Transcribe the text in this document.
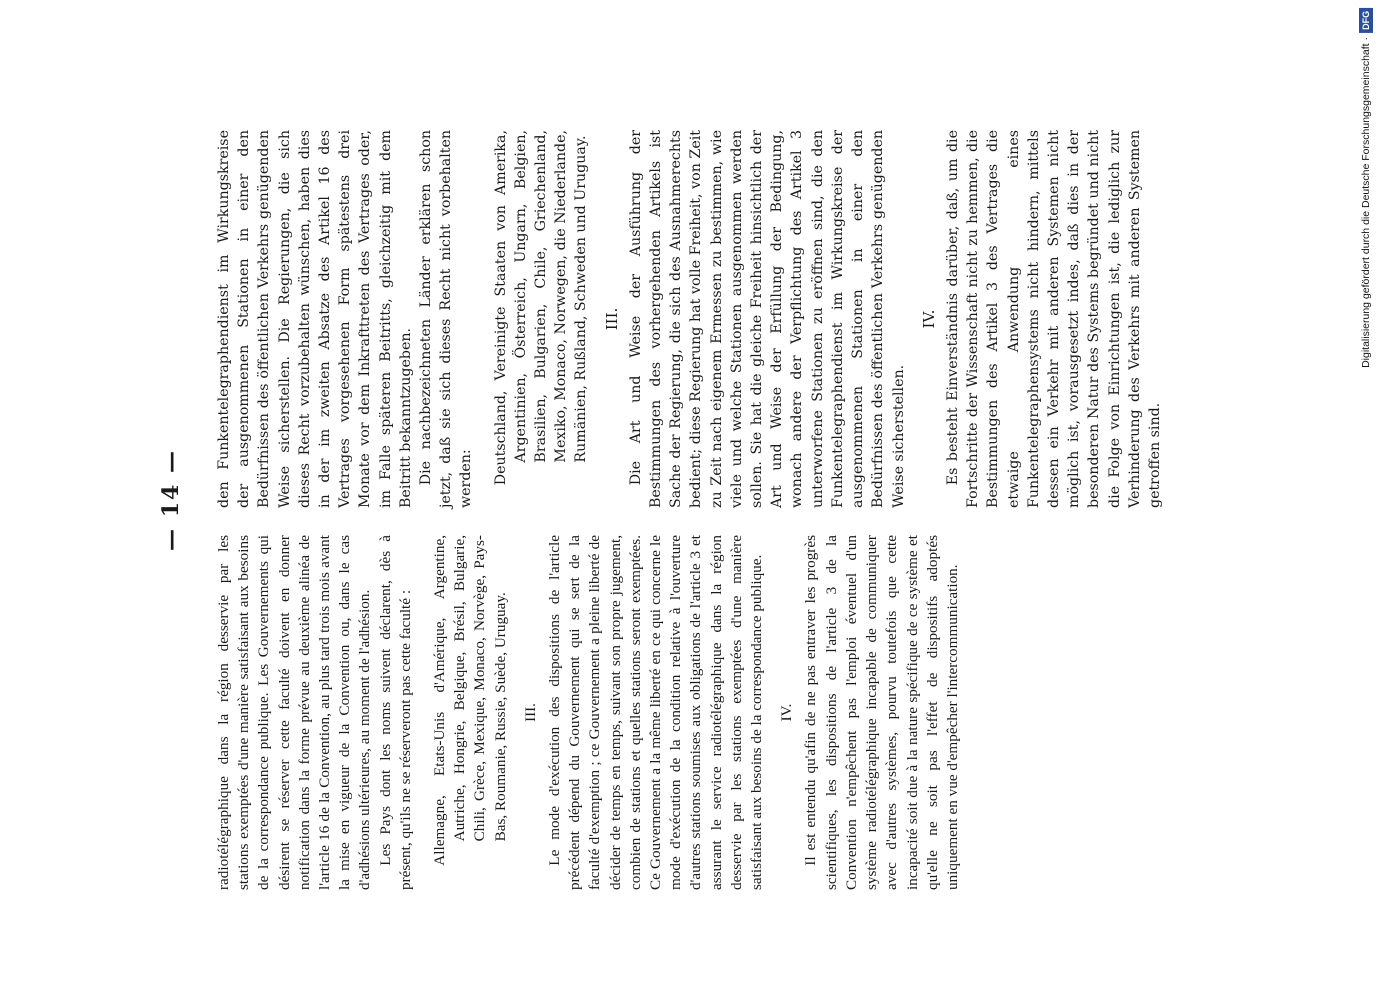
— 14 —

radiotélégraphique dans la région desservie par les stations exemptées d'une manière satisfaisant aux besoins de la correspondance publique. Les Gouvernements qui désirent se réserver cette faculté doivent en donner notification dans la forme prévue au deuxième alinéa de l'article 16 de la Convention, au plus tard trois mois avant la mise en vigueur de la Convention ou, dans le cas d'adhésions ultérieures, au moment de l'adhésion. Les Pays dont les noms suivent déclarent, dès à présent, qu'ils ne se réserveront pas cette faculté : Allemagne, Etats-Unis d'Amérique, Argentine, Autriche, Hongrie, Belgique, Brésil, Bulgarie, Chili, Grèce, Mexique, Monaco, Norvège, Pays-Bas, Roumanie, Russie, Suède, Uruguay. III. Le mode d'exécution des dispositions de l'article précédent dépend du Gouvernement qui se sert de la faculté d'exemption ; ce Gouvernement a pleine liberté de décider de temps en temps, suivant son propre jugement, combien de stations et quelles stations seront exemptées. Ce Gouvernement a la même liberté en ce qui concerne le mode d'exécution de la condition relative à l'ouverture d'autres stations soumises aux obligations de l'article 3 et assurant le service radiotélégraphique dans la région desservie par les stations exemptées d'une manière satisfaisant aux besoins de la correspondance publique. IV. Il est entendu qu'afin de ne pas entraver les progrès scientifiques, les dispositions de l'article 3 de la Convention n'empêchent pas l'emploi éventuel d'un système radiotélégraphique incapable de communiquer avec d'autres systèmes, pourvu toutefois que cette incapacité soit due à la nature spécifique de ce système et qu'elle ne soit pas l'effet de dispositifs adoptés uniquement en vue d'empêcher l'intercommunication.

den Funkentelegraphendienst im Wirkungskreise der ausgenommenen Stationen in einer den Bedürfnissen des öffentlichen Verkehrs genügenden Weise sicherstellen. Die Regierungen, die sich dieses Recht vorzubehalten wünschen, haben dies in der im zweiten Absatze des Artikel 16 des Vertrages vorgesehenen Form spätestens drei Monate vor dem Inkrafttreten des Vertrages oder, im Falle späteren Beitritts, gleichzeitig mit dem Beitritt bekanntzugeben. Die nachbezeichneten Länder erklären schon jetzt, daß sie sich dieses Recht nicht vorbehalten werden: Deutschland, Vereinigte Staaten von Amerika, Argentinien, Österreich, Ungarn, Belgien, Brasilien, Bulgarien, Chile, Griechenland, Mexiko, Monaco, Norwegen, die Niederlande, Rumänien, Rußland, Schweden und Uruguay. III. Die Art und Weise der Ausführung der Bestimmungen des vorhergehenden Artikels ist Sache der Regierung, die sich des Ausnahmerechts bedient; diese Regierung hat volle Freiheit, von Zeit zu Zeit nach eigenem Ermessen zu bestimmen, wie viele und welche Stationen ausgenommen werden sollen. Sie hat die gleiche Freiheit hinsichtlich der Art und Weise der Erfüllung der Bedingung, wonach andere der Verpflichtung des Artikel 3 unterworfene Stationen zu eröffnen sind, die den Funkentelegraphendienst im Wirkungskreise der ausgenommenen Stationen in einer den Bedürfnissen des öffentlichen Verkehrs genügenden Weise sicherstellen.

IV. Es besteht Einverständnis darüber, daß, um die Fortschritte der Wissenschaft nicht zu hemmen, die Bestimmungen des Artikel 3 des Vertrages die etwaige Anwendung eines Funkentelegraphensystems nicht hindern, mittels dessen ein Verkehr mit anderen Systemen nicht möglich ist, vorausgesetzt indes, daß dies in der besonderen Natur des Systems begründet und nicht die Folge von Einrichtungen ist, die lediglich zur Verhinderung des Verkehrs mit anderen Systemen getroffen sind.

Digitalisierung gefördert durch die Deutsche Forschungsgemeinschaft ·
DFG
